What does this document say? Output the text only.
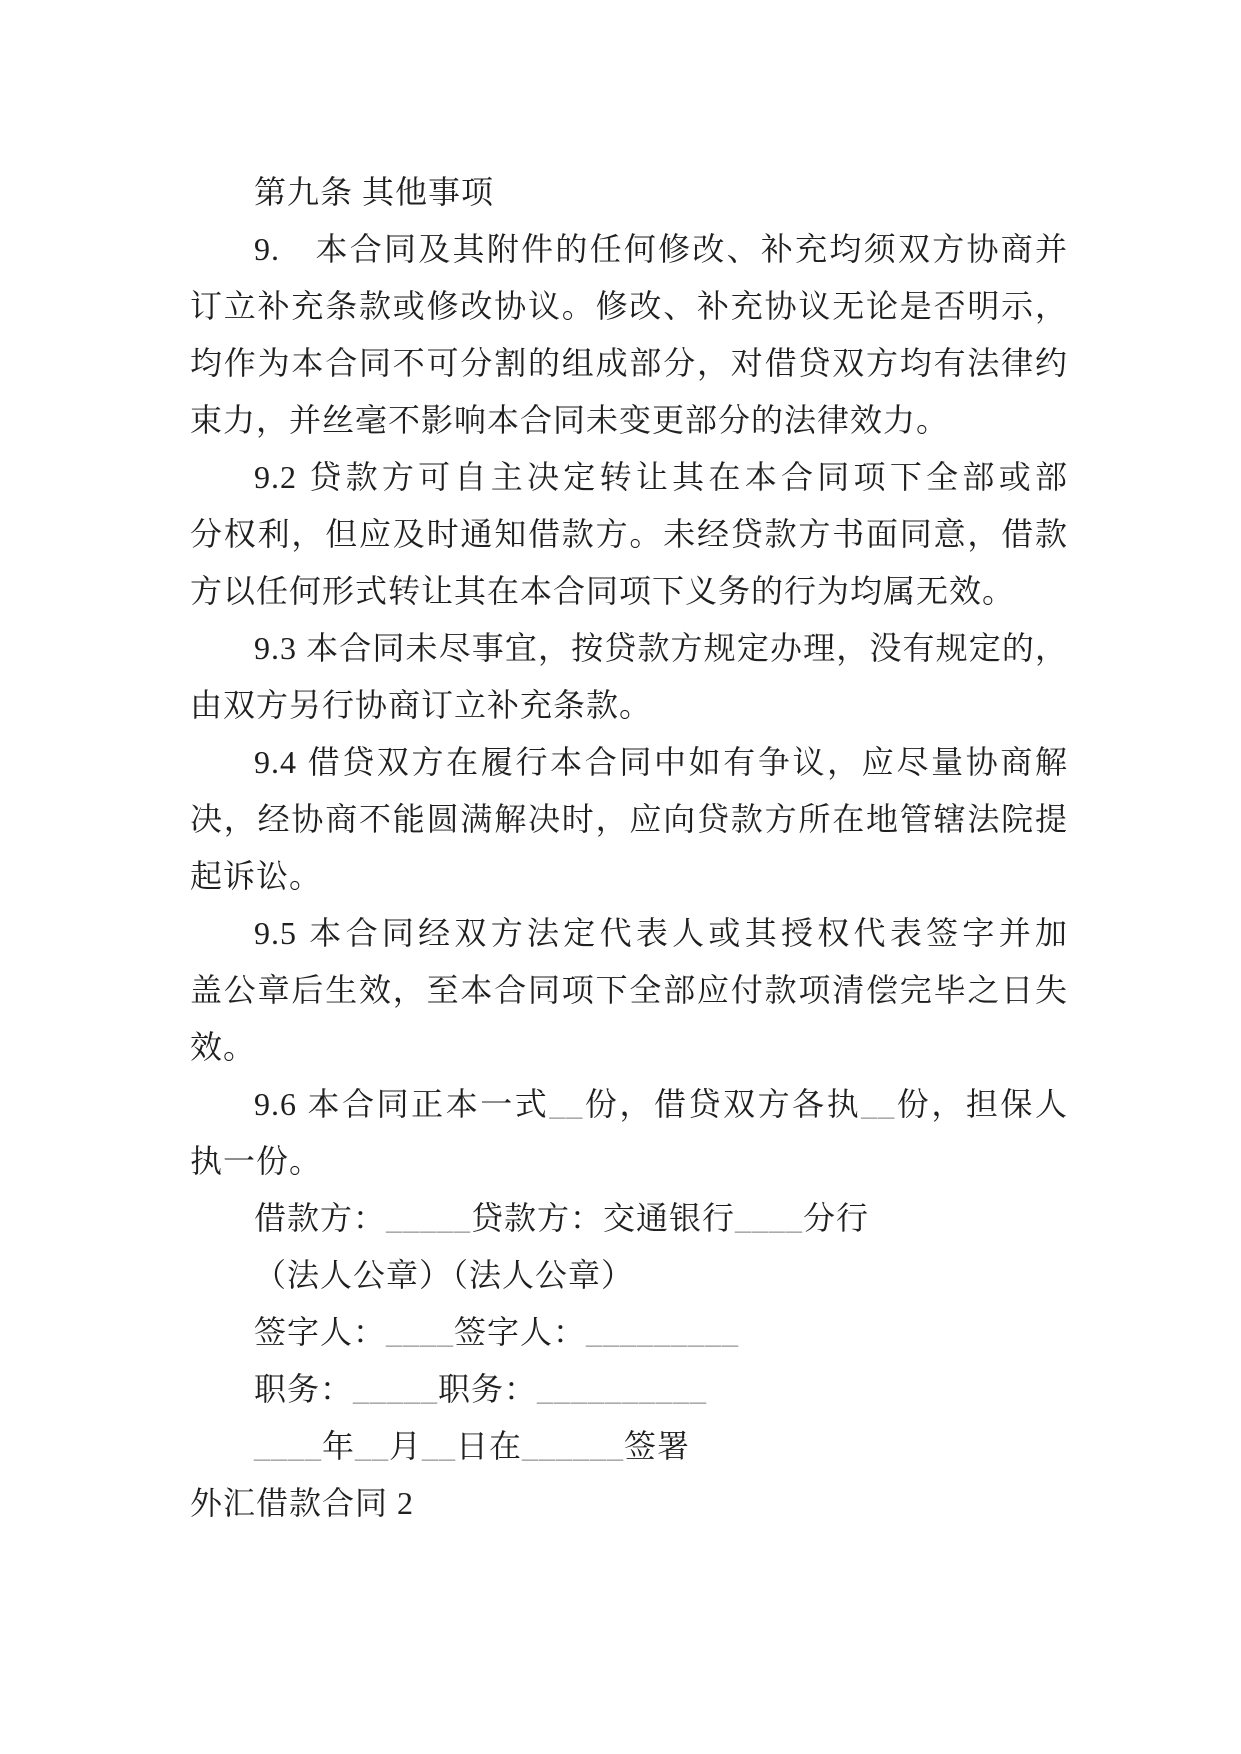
第九条 其他事项
9.　本合同及其附件的任何修改、补充均须双方协商并
订立补充条款或修改协议。修改、补充协议无论是否明示，
均作为本合同不可分割的组成部分，对借贷双方均有法律约
束力，并丝毫不影响本合同未变更部分的法律效力。
9.2 贷款方可自主决定转让其在本合同项下全部或部
分权利，但应及时通知借款方。未经贷款方书面同意，借款
方以任何形式转让其在本合同项下义务的行为均属无效。
9.3 本合同未尽事宜，按贷款方规定办理，没有规定的，
由双方另行协商订立补充条款。
9.4 借贷双方在履行本合同中如有争议，应尽量协商解
决，经协商不能圆满解决时，应向贷款方所在地管辖法院提
起诉讼。
9.5 本合同经双方法定代表人或其授权代表签字并加
盖公章后生效，至本合同项下全部应付款项清偿完毕之日失
效。
9.6 本合同正本一式__份，借贷双方各执__份，担保人
执一份。
借款方：_____贷款方：交通银行____分行
（法人公章）（法人公章）
签字人：____签字人：_________
职务：_____职务：__________
____年__月__日在______签署
外汇借款合同 2
